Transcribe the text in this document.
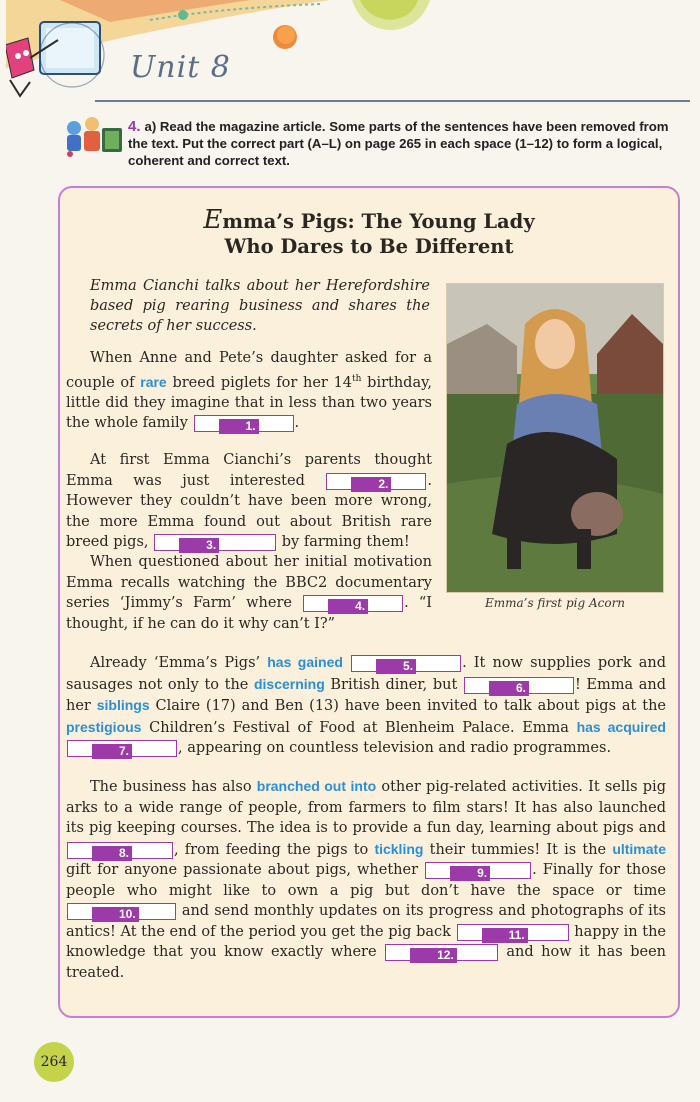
Unit 8
4. a) Read the magazine article. Some parts of the sentences have been removed from the text. Put the correct part (A–L) on page 265 in each space (1–12) to form a logical, coherent and correct text.
Emma’s Pigs: The Young Lady
Who Dares to Be Different
Emma Cianchi talks about her Herefordshire based pig rearing business and shares the secrets of her success.
Emma’s first pig Acorn
When Anne and Pete’s daughter asked for a couple of rare breed piglets for her 14th birthday, little did they imagine that in less than two years the whole family	1.	.
At first Emma Cianchi’s parents thought Emma was just interested	2.	. However they couldn’t have been more wrong, the more Emma found out about British rare breed pigs,	3.	by farming them!
When questioned about her initial motivation Emma recalls watching the BBC2 documentary series ‘Jimmy’s Farm’ where	4.	. “I thought, if he can do it why can’t I?”
Already ‘Emma’s Pigs’ has gained	5.	. It now supplies pork and sausages not only to the discerning British diner, but	6.	! Emma and her siblings Claire (17) and Ben (13) have been invited to talk about pigs at the prestigious Children’s Festival of Food at Blenheim Palace. Emma has acquired 7.	, appearing on countless television and radio programmes.
The business has also branched out into other pig-related activities. It sells pig arks to a wide range of people, from farmers to film stars! It has also launched its pig keeping courses. The idea is to provide a fun day, learning about pigs and 8.	, from feeding the pigs to tickling their tummies! It is the ultimate gift for anyone passionate about pigs, whether	9.	. Finally for those people who might like to own a pig but don’t have the space or time 10.	and send monthly updates on its progress and photographs of its antics! At the end of the period you get the pig back	11.	happy in the knowledge that you know exactly where	12.	and how it has been treated.
264
